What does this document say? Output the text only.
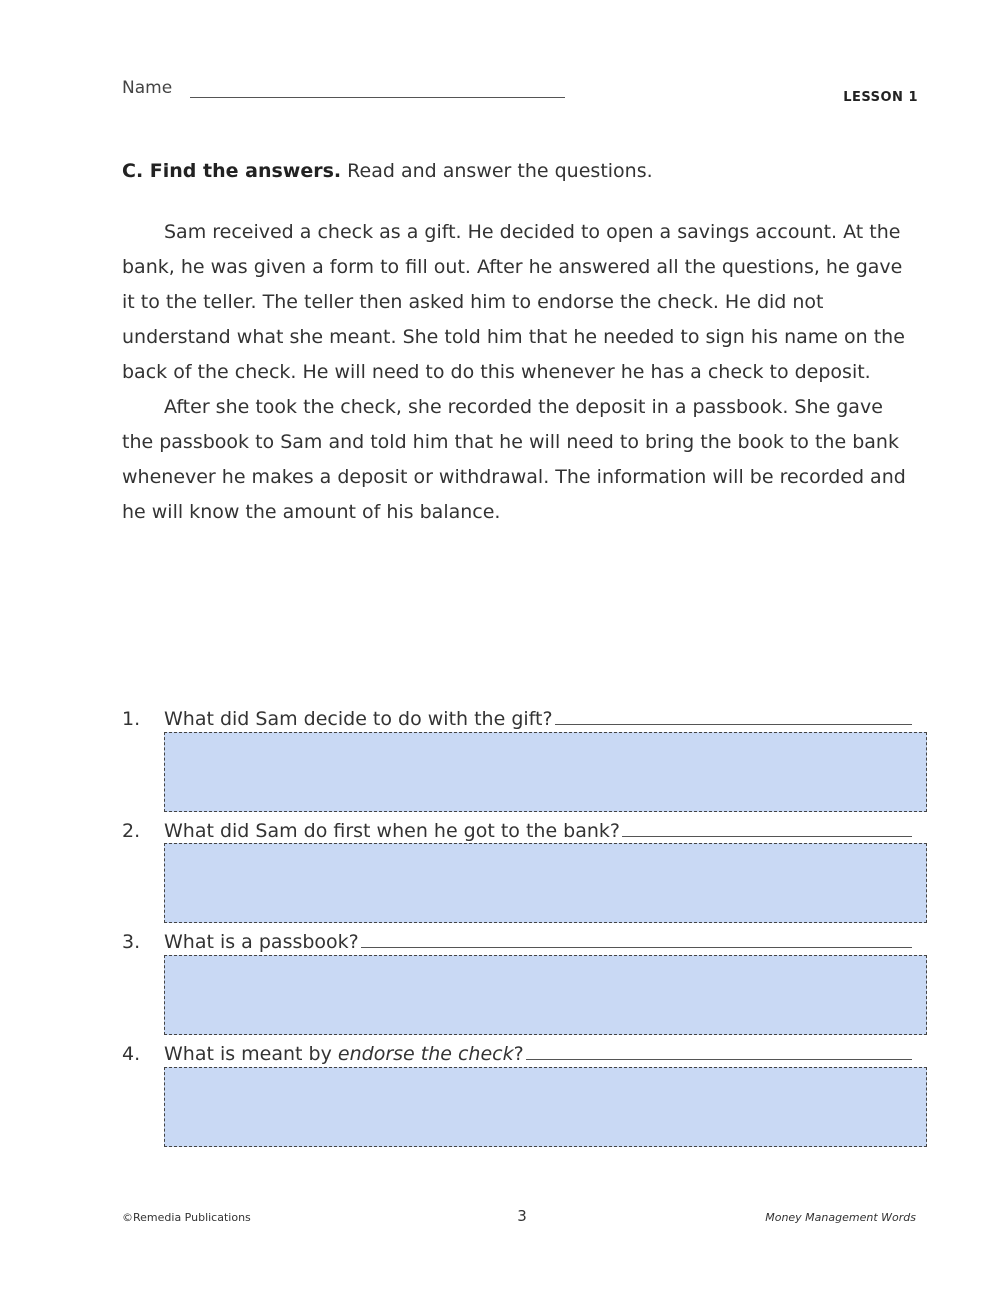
Name	LESSON 1
C. Find the answers. Read and answer the questions.

Sam received a check as a gift. He decided to open a savings account. At the bank, he was given a form to fill out. After he answered all the questions, he gave it to the teller. The teller then asked him to endorse the check. He did not understand what she meant. She told him that he needed to sign his name on the back of the check. He will need to do this whenever he has a check to deposit.

After she took the check, she recorded the deposit in a passbook. She gave the passbook to Sam and told him that he will need to bring the book to the bank whenever he makes a deposit or withdrawal. The information will be recorded and he will know the amount of his balance.

1.	What did Sam decide to do with the gift?
2.	What did Sam do first when he got to the bank?
3.	What is a passbook?
4.	What is meant by endorse the check?
©Remedia Publications	3	Money Management Words
